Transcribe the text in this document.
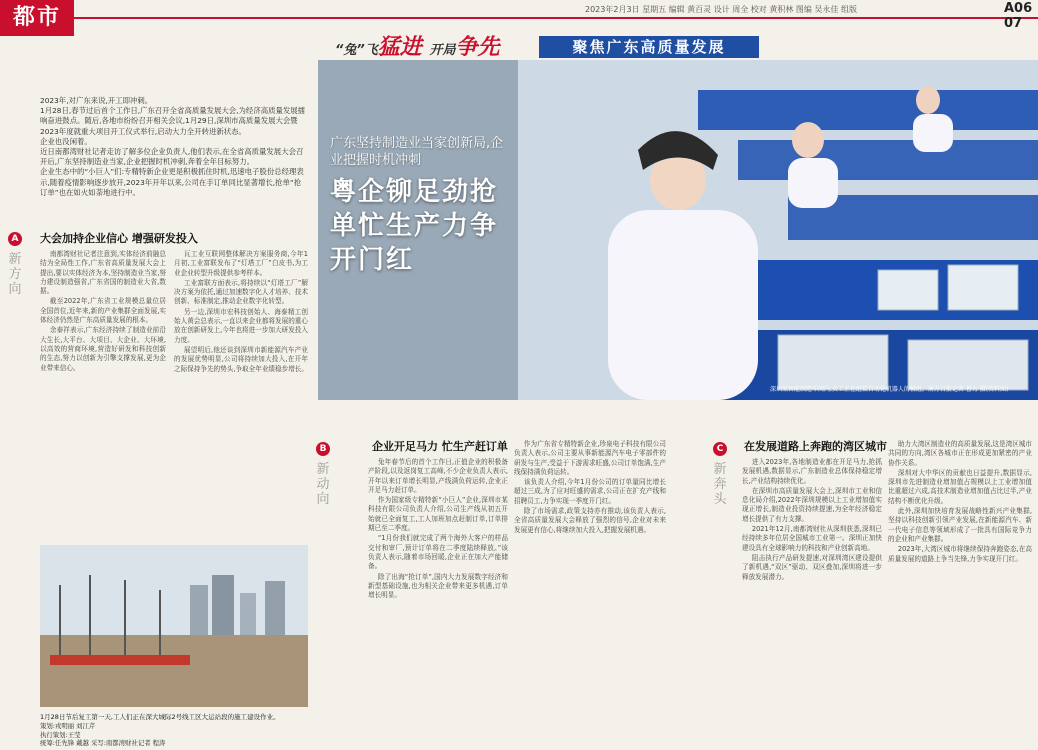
都市	2023年2月3日 星期五 编辑 黄百灵 设计 周全 校对 黄积林 图编 吴永佳 组版	A06 07
“兔”飞猛进 开局争先	聚焦广东高质量发展
广东坚持制造业当家创新局,企业把握时机冲刺
粤企铆足劲抢单忙生产力争开门红
深圳某智能制造车间内,员工正在组装自动化机器人的模组。南方日报记者 鲁力 摄(资料图)

2023年,对广东来说,开工即冲刺。

1月28日,春节过后首个工作日,广东召开全省高质量发展大会,为经济高质量发展擂响奋进鼓点。随后,各地市纷纷召开相关会议,1月29日,深圳市高质量发展大会暨2023年度就重大项目开工仪式举行,启动大力全开转进新状态。

企业也没闲着。

近日南都湾财社记者走访了解多位企业负责人,他们表示,在全省高质量发展大会召开后,广东坚持制造业当家,企业把握时机冲刺,奔着全年目标努力。

企业生态中的“小巨人”们:专精特新企业更是积极抓住时机,迅速电子股份总经理表示,随着疫情影响逐步放开,2023年开年以来,公司在手订单同比显著增长,抢单“抢订单”也在如火如荼地进行中。

A
新方向
大会加持企业信心 增强研发投入

南都湾财社记者注意到,实体经济前融总结为全局性工作,广东省高质量发展大会上提出,要以实体经济为本,坚持制造业当家,努力建设制造强省,广东省国的制造业大省,数据。

截至2022年,广东省工业规模总量位居全国首位,近年来,新的产业集群全面发展,实体经济仍然是广东高质量发展的根本。

余泰祥表示,广东经济持续了制造业前沿大生长,大平台、大项目、大企业、大环境,以高效的营商环境,营造好研发和科技创新的生态,努力以创新为引擎支撑发展,更为企业带来信心。

瓦工业互联网整体解决方案服务商,今年1月初,工业富联发布了“灯塔工厂”白皮书,为工业企业转型升级提供参考样本。

工业富联方面表示,将持续以“灯塔工厂”解决方案为依托,通过加速数字化人才培养、技术创新、标准制定,推动企业数字化转型。

另一边,深圳市宏科技创始人、海泰精工创始人黄会总表示,一直以来企业都将发展的重心放在创新研发上,今年也将进一步加大研发投入力度。

展望明后,他还谈到深圳市新能源汽车产业的发展优势明显,公司将持续加大投入,在开年之际保持争先的势头,争取全年业绩稳步增长。

1月28日节后复工第一天,工人们正在深大城际2号线工区大运站段的施工建设作业。
策划:戎明丽 刘江芹
执行策划:王莹
统筹:任先锋 戴越 采写:南都湾财社记者 程涛
B
新动向
企业开足马力 忙生产赶订单

兔年春节后的首个工作日,正值企业的积极备产阶段,以及返岗复工高峰,不少企业负责人表示,开年以来订单增长明显,产线满负荷运转,企业正开足马力赶订单。

作为国家级专精特新“小巨人”企业,深圳市某科技有限公司负责人介绍,公司生产线从初五开始就已全面复工,工人加班加点赶制订单,订单排期已至二季度。

“1月份我们就完成了两个海外大客户的样品交付和审厂,预计订单将在二季度陆续释放。”该负责人表示,随着市场回暖,企业正在加大产能储备。

除了出海“抢订单”,国内大力发展数字经济和新型基础设施,也为相关企业带来更多机遇,订单增长明显。

作为广东省专精特新企业,珍泉电子科技有限公司负责人表示,公司主要从事新能源汽车电子零部件的研发与生产,受益于下游需求旺盛,公司订单饱满,生产线保持满负荷运转。

该负责人介绍,今年1月份公司的订单量同比增长超过三成,为了应对旺盛的需求,公司正在扩充产线和招聘员工,力争实现一季度开门红。

除了市场需求,政策支持亦有推动,该负责人表示,全省高质量发展大会释放了强烈的信号,企业对未来发展更有信心,将继续加大投入,把握发展机遇。

C
新奔头
在发展道路上奔跑的湾区城市

进入2023年,各地制造业都在开足马力,抢抓发展机遇,数据显示,广东制造业总体保持稳定增长,产业结构持续优化。

在深圳市高质量发展大会上,深圳市工业和信息化局介绍,2022年深圳规模以上工业增加值实现正增长,制造业投资持续提速,为全年经济稳定增长提供了有力支撑。

2021年12月,南都湾财社从深圳获悉,深圳已经持续多年位居全国城市工业第一。深圳正加快建设具有全球影响力的科技和产业创新高地。

阻击执行产品研发提速,对深圳湾区建设提供了新机遇,“双区”驱动、双区叠加,深圳将进一步释放发展潜力。

助力大湾区制造业的高质量发展,这是湾区城市共同的方向,湾区各城市正在形成更加紧密的产业协作关系。

深圳对大中华区的贡献也日益提升,数据显示,深圳市先进制造业增加值占规模以上工业增加值比重超过六成,高技术制造业增加值占比过半,产业结构不断优化升级。

此外,深圳加快培育发展战略性新兴产业集群,坚持以科技创新引领产业发展,在新能源汽车、新一代电子信息等领域形成了一批具有国际竞争力的企业和产业集群。

2023年,大湾区城市将继续保持奔跑姿态,在高质量发展的道路上争当先锋,力争实现开门红。
